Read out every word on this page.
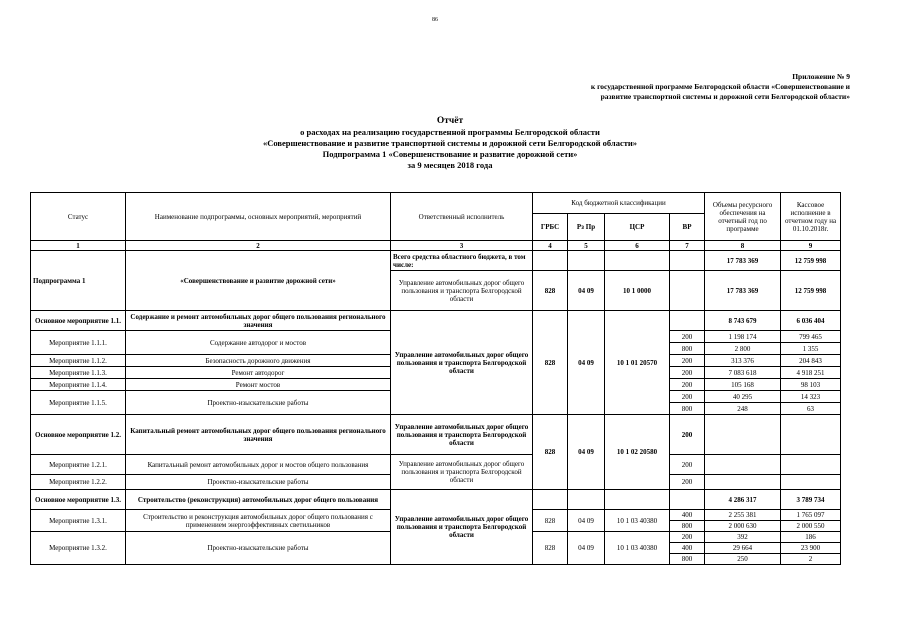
86
Приложение № 9
к государственной программе Белгородской области «Совершенствование и
развитие транспортной системы и дорожной сети Белгородской области»
Отчёт
о расходах на реализацию государственной программы Белгородской области
«Совершенствование и развитие транспортной системы и дорожной сети Белгородской области»
Подпрограмма 1 «Совершенствование и развитие дорожной сети»
за 9 месяцев 2018 года
Статус	Наименование подпрограммы, основных мероприятий, мероприятий	Ответственный исполнитель	Код бюджетной классификации				Объемы ресурсного обеспечения на отчетный год по программе	Кассовое исполнение в отчетном году на 01.10.2018г.
			ГРБС	Рз Пр	ЦСР	ВР		
1	2	3	4	5	6	7	8	9
Подпрограмма 1	«Совершенствование и развитие дорожной сети»	Всего средства областного бюджета, в том числе:					17 783 369	12 759 998
		Управление автомобильных дорог общего пользования и транспорта Белгородской области	828	04 09	10 1 0000		17 783 369	12 759 998
Основное мероприятие 1.1.	Содержание и ремонт автомобильных дорог общего пользования регионального значения	Управление автомобильных дорог общего пользования и транспорта Белгородской области	828	04 09	10 1 01 20570		8 743 679	6 036 404
Мероприятие 1.1.1.	Содержание автодорог и мостов					200	1 198 174	799 465
						800	2 800	1 355
Мероприятие 1.1.2.	Безопасность дорожного движения					200	313 376	204 843
Мероприятие 1.1.3.	Ремонт автодорог					200	7 083 618	4 918 251
Мероприятие 1.1.4.	Ремонт мостов					200	105 168	98 103
Мероприятие 1.1.5.	Проектно-изыскательские работы					200	40 295	14 323
						800	248	63
Основное мероприятие 1.2.	Капитальный ремонт автомобильных дорог общего пользования регионального значения	Управление автомобильных дорог общего пользования и транспорта Белгородской области	828	04 09	10 1 02 20580	200		
Мероприятие 1.2.1.	Капитальный ремонт автомобильных дорог и мостов общего пользования	Управление автомобильных дорог общего пользования и транспорта Белгородской области				200		
Мероприятие 1.2.2.	Проектно-изыскательские работы					200		
Основное мероприятие 1.3.	Строительство (реконструкция) автомобильных дорог общего пользования	Управление автомобильных дорог общего пользования и транспорта Белгородской области					4 286 317	3 789 734
Мероприятие 1.3.1.	Строительство и реконструкция автомобильных дорог общего пользования с применением энергоэффективных светильников		828	04 09	10 1 03 40380	400	2 255 381	1 765 097
						800	2 000 630	2 000 550
Мероприятие 1.3.2.	Проектно-изыскательские работы		828	04 09	10 1 03 40380	200	392	186
						400	29 664	23 900
						800	250	2
